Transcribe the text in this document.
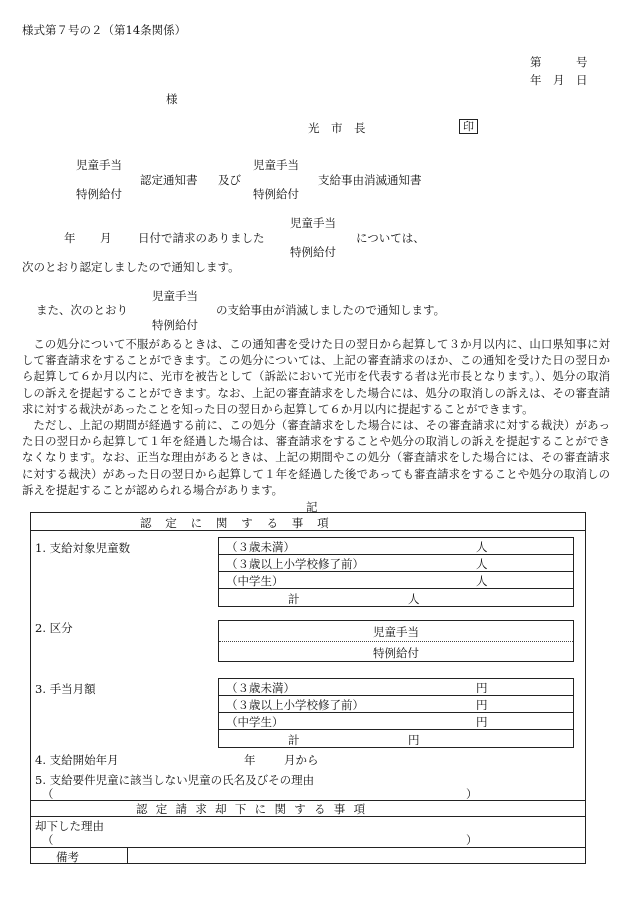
様式第７号の２（第14条関係）
第　　　号
年　月　日
様
光　市　長	印
児童手当
特例給付
認定通知書 及び
児童手当
特例給付
支給事由消滅通知書
児童手当
特例給付
年 月 日付で請求のありました	については、
次のとおり認定しましたので通知します。
児童手当
特例給付
また、次のとおり	の支給事由が消滅しましたので通知します。

この処分について不服があるときは、この通知書を受けた日の翌日から起算して３か月以内に、山口県知事に対して審査請求をすることができます。この処分については、上記の審査請求のほか、この通知を受けた日の翌日から起算して６か月以内に、光市を被告として（訴訟において光市を代表する者は光市長となります。）、処分の取消しの訴えを提起することができます。なお、上記の審査請求をした場合には、処分の取消しの訴えは、その審査請求に対する裁決があったことを知った日の翌日から起算して６か月以内に提起することができます。

ただし、上記の期間が経過する前に、この処分（審査請求をした場合には、その審査請求に対する裁決）があった日の翌日から起算して１年を経過した場合は、審査請求をすることや処分の取消しの訴えを提起することができなくなります。なお、正当な理由があるときは、上記の期間やこの処分（審査請求をした場合には、その審査請求に対する裁決）があった日の翌日から起算して１年を経過した後であっても審査請求をすることや処分の取消しの訴えを提起することが認められる場合があります。

記
認定に関する事項
1. 支給対象児童数	（３歳未満）	人
（３歳以上小学校修了前）	人
（中学生）	人
計	人
2. 区分	児童手当
特例給付
3. 手当月額	（３歳未満）	円
（３歳以上小学校修了前）	円
（中学生）	円
計	円
4. 支給開始年月	年 月から
5. 支給要件児童に該当しない児童の氏名及びその理由
（	）
認定請求却下に関する事項
却下した理由
（	）
備考
